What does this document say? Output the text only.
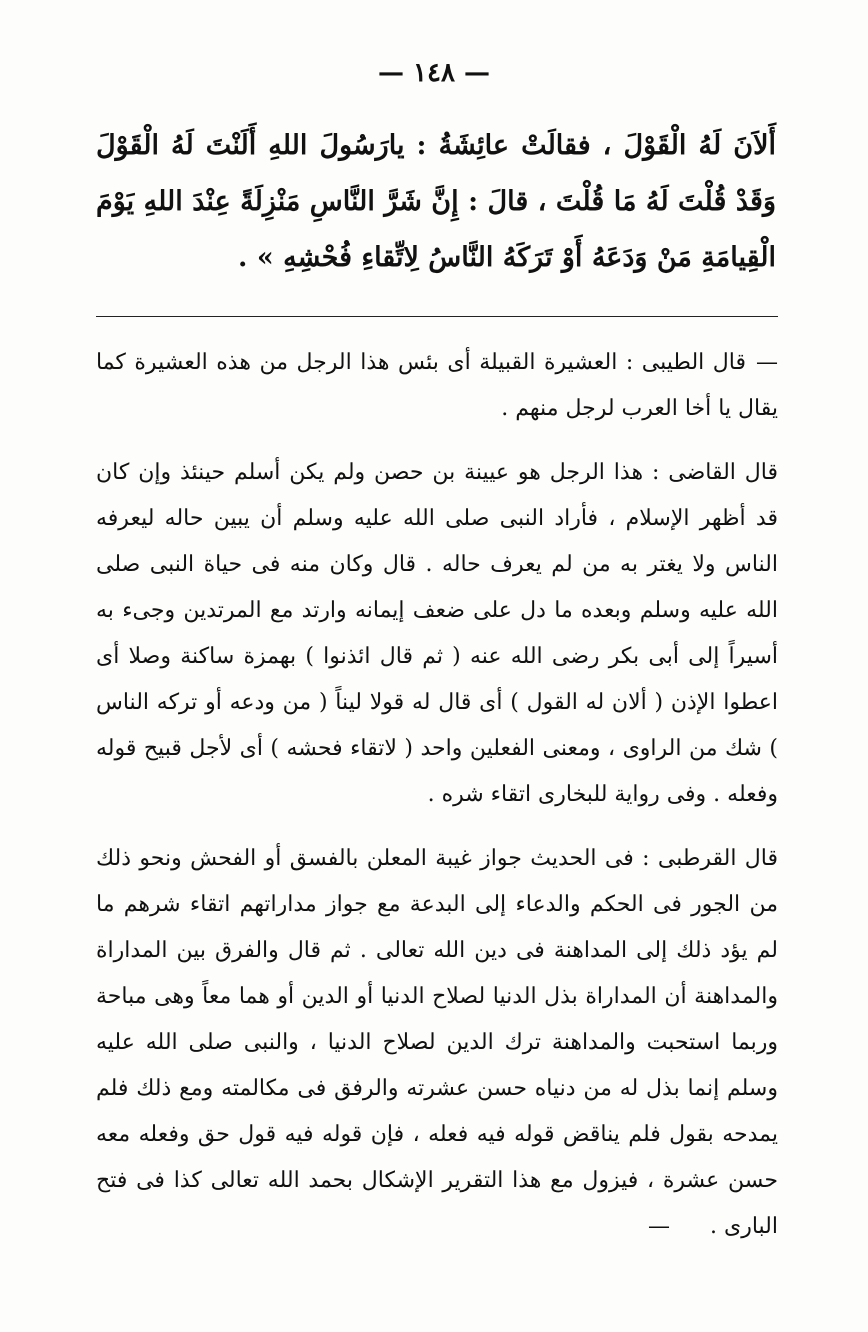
— ١٤٨ —

أَلاَنَ لَهُ الْقَوْلَ ، فقالَتْ عائِشَةُ : يارَسُولَ اللهِ أَلَنْتَ لَهُ الْقَوْلَ وَقَدْ قُلْتَ لَهُ مَا قُلْتَ ، قالَ : إِنَّ شَرَّ النَّاسِ مَنْزِلَةً عِنْدَ اللهِ يَوْمَ الْقِيامَةِ مَنْ وَدَعَهُ أَوْ تَرَكَهُ النَّاسُ لِاتِّقاءِ فُحْشِهِ » .

—قال الطيبى : العشيرة القبيلة أى بئس هذا الرجل من هذه العشيرة كما يقال يا أخا العرب لرجل منهم .

قال القاضى : هذا الرجل هو عيينة بن حصن ولم يكن أسلم حينئذ وإن كان قد أظهر الإسلام ، فأراد النبى صلى الله عليه وسلم أن يبين حاله ليعرفه الناس ولا يغتر به من لم يعرف حاله . قال وكان منه فى حياة النبى صلى الله عليه وسلم وبعده ما دل على ضعف إيمانه وارتد مع المرتدين وجىء به أسيراً إلى أبى بكر رضى الله عنه ( ثم قال ائذنوا ) بهمزة ساكنة وصلا أى اعطوا الإذن ( ألان له القول ) أى قال له قولا ليناً ( من ودعه أو تركه الناس ) شك من الراوى ، ومعنى الفعلين واحد ( لاتقاء فحشه ) أى لأجل قبيح قوله وفعله . وفى رواية للبخارى اتقاء شره .

قال القرطبى : فى الحديث جواز غيبة المعلن بالفسق أو الفحش ونحو ذلك من الجور فى الحكم والدعاء إلى البدعة مع جواز مداراتهم اتقاء شرهم ما لم يؤد ذلك إلى المداهنة فى دين الله تعالى . ثم قال والفرق بين المداراة والمداهنة أن المداراة بذل الدنيا لصلاح الدنيا أو الدين أو هما معاً وهى مباحة وربما استحبت والمداهنة ترك الدين لصلاح الدنيا ، والنبى صلى الله عليه وسلم إنما بذل له من دنياه حسن عشرته والرفق فى مكالمته ومع ذلك فلم يمدحه بقول فلم يناقض قوله فيه فعله ، فإن قوله فيه قول حق وفعله معه حسن عشرة ، فيزول مع هذا التقرير الإشكال بحمد الله تعالى كذا فى فتح البارى .—
